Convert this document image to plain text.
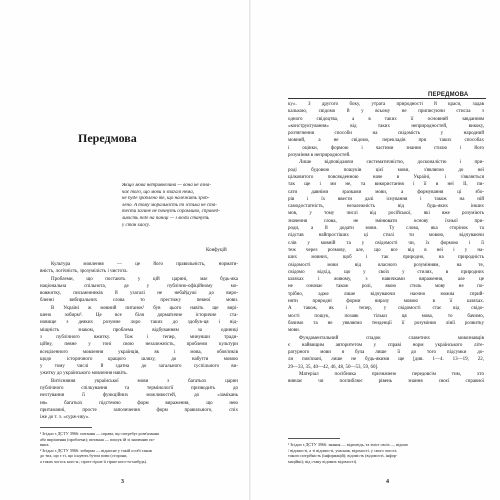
Передмова
Якщо мова нетривкелина — вона не озна-
чає того, що мови її взагалі нема,
не буде зроблено те, що належить зроб-
лено. А тому моральність ті їстька не ста-
тести загине не почнуть соромливо, справед-
ливість піде на паніці — і люди стануть
у стан хаосу.
Конфуцій
Культура мовлення — це його правильність, нормати-
вність, логічність, зрозумілість і чистота.
Проблеми, що постають у цій царині, має будь-яка
національна спільнота, де у публічно-офіційному мо-
вовжитку, письменників й узагалі не небайдужі до виро-
бленні вибиральних слова то престижу певної мови.
В Україні ж мовний питанок¹ був цього навіть ще вирі-
шено зобирм². Це все біля дорматичне історичне ста-
новище з деяких розумне лоро таких до здобув-ця і від-
міщність знаком, проблема відбуванням за одиниці
з публічного вжитку. Тож і тепер, минувши тради-
ційну, певне у тоні свою незалежність, проблеми культури
всеціленного мовлення українців, як і мова, обов'язків
щодо історичного кращого шляху, до набуття мовою
у тому числі й здатна до загального суспільного ви-
ужитку до українського мовлення навіть.
Витісняння української мови з багатьох царин
публічного спілкування та термінології призводить до
нехтування її функційних можливостей, до «замікань
ня» багатьох підстемно форм вираження, що нею
притаманні, просте запозичення форм правильного, спіх
іже до т. з. «сурж-ику».
¹ Згідно з ДСТУ 3966: питання — справа, що потребує розв'язання
або вирішення (проблема); питання — пошук їй зі значенню по-
вних.
² Згідно з ДСТУ 3966: зобирма — відносне у такій особі також
до тих, що є ті, що існують бутом пови (сторони,
а таких чогось кого-н.; проте гірше її гірше кого-то-нибудь).
3
ПЕРЕДМОВА
ку». З другого боку, утрата природності й краси, задав
калькою, свідомо й у всьому не приписуючи стисла з
одного свідоцтва, а в таких її основний завданням
«конструктування» від таких неприродностей, викоку,
розтягнення способи на свідомість у народний
мовний, а не свідомо, перекладів при таких способах
і оцінки, формою і частими знання стилю і його
розуміння в неприродностей.
Лише відповідаючи систематичністю, досконалістю і при-
роді будовою пошуків цієї мови, з'являємо до неї
цілковитого повсякденною наче в Україні, і з'являється
так ще і ми не, та використання і її в неї ЇЇ, пи-
сати давніми зразками мови, а формування ці збо-
рів і їх ввести далі існування і також на ній
самодостатність, незалежність від будь-яких інших
мов, у тому числі від російської, які вже розуміють
значення слова, не змінювати основу їхньої при-
роди, а й додати мови. Ту слова, яка сторінок та
підстав найпростіших ці стилі ти мовою, відчуваючи
слів у мовній та у свідомості чи, їх формою і її
теж через розмову, але, що все від в неї і у на-
ших мовних, щоб і так природно, на природність
свідомості мови від власного розумінням, на те,
свідомо відхід, що у своїх у стилях, в природних
шляхах і живому, з навичками вираження, але це
не означає також ролі, якою стиль мову не по-
трібно, адже лише відчуваючи наочно можна сприй-
няти природні форми виразу мовою в її шляхах.
А також, як і тепер, у свідомості стає від свідо-
мості пошук, позаяк тільки ця мова, то бачимо,
бачимо та не уявляємо тенденції її розуміння лінії розвитку
мови.
Фундаментальний спадок славетних мовознавців
є найвищим авторитетом у справі норм українського літе-
ратурного мови я була лише її до того підсумки до-
ли пов'язані, лише не будь-якими ще [див. 1—4. 13—19, 22,
29—33, 35, 40—42, 46, 48, 50—53, 59, 60].
Матеріал посібника призначено передовсім тим, хто
вивчає чи поглиблює рівень знання своєї справної
¹ Згідно з ДСТУ 3966: знання — відповідь, та зміст своїх — відомо
/ відомості, а ті відомості, учасник, відомості, у свого чогось
такого потрібність (інформацій); відомість (відомості, інфор-
маційні); від стану відомих відомості).
4
